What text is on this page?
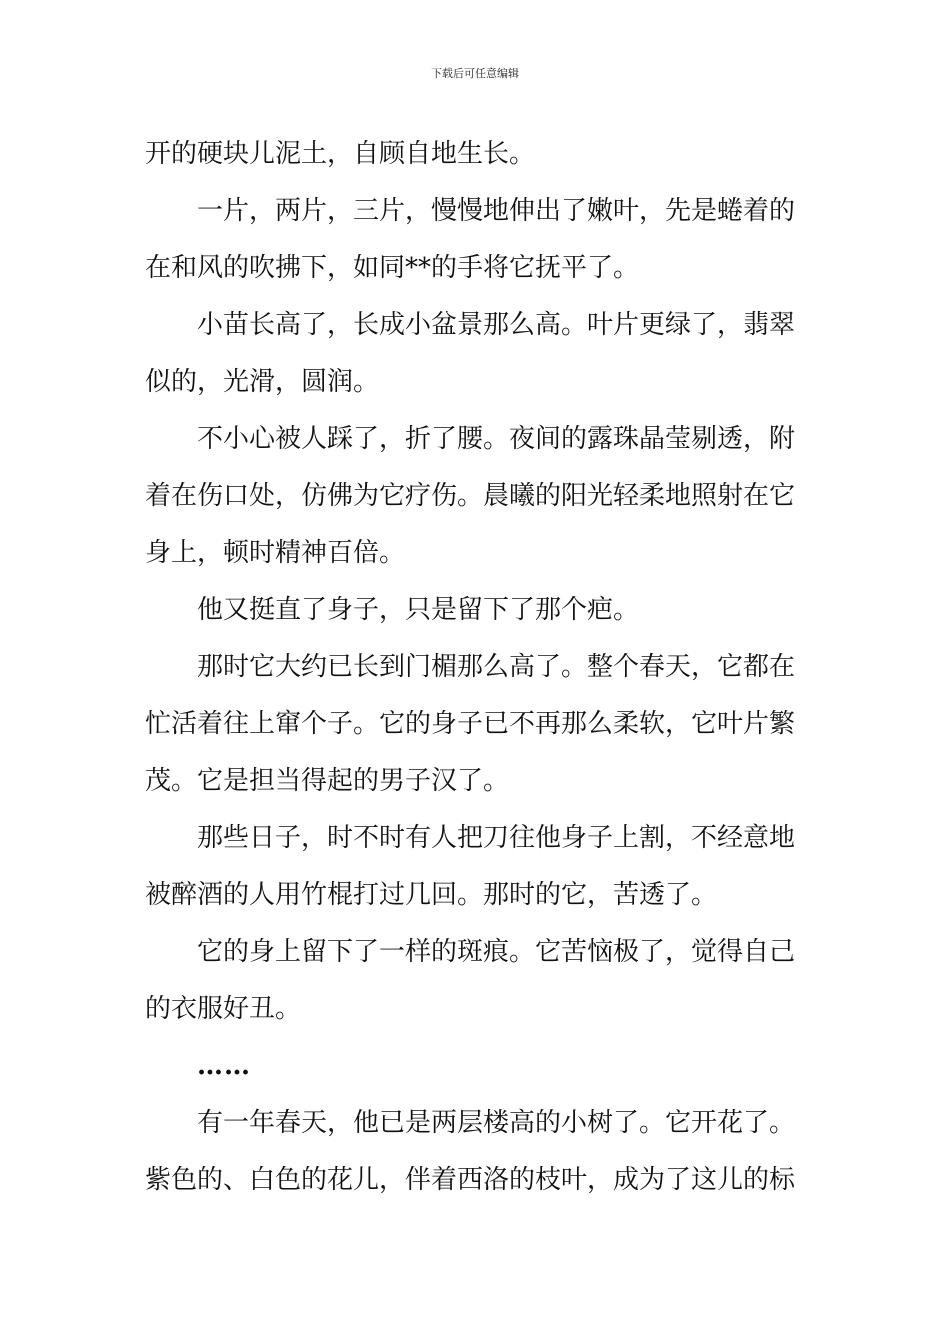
下载后可任意编辑
开的硬块儿泥土，自顾自地生长。
一片，两片，三片，慢慢地伸出了嫩叶，先是蜷着的
在和风的吹拂下，如同**的手将它抚平了。
小苗长高了，长成小盆景那么高。叶片更绿了，翡翠
似的，光滑，圆润。
不小心被人踩了，折了腰。夜间的露珠晶莹剔透，附
着在伤口处，仿佛为它疗伤。晨曦的阳光轻柔地照射在它
身上，顿时精神百倍。
他又挺直了身子，只是留下了那个疤。
那时它大约已长到门楣那么高了。整个春天，它都在
忙活着往上窜个子。它的身子已不再那么柔软，它叶片繁
茂。它是担当得起的男子汉了。
那些日子，时不时有人把刀往他身子上割，不经意地
被醉酒的人用竹棍打过几回。那时的它，苦透了。
它的身上留下了一样的斑痕。它苦恼极了，觉得自己
的衣服好丑。
……
有一年春天，他已是两层楼高的小树了。它开花了。
紫色的、白色的花儿，伴着西洛的枝叶，成为了这儿的标
